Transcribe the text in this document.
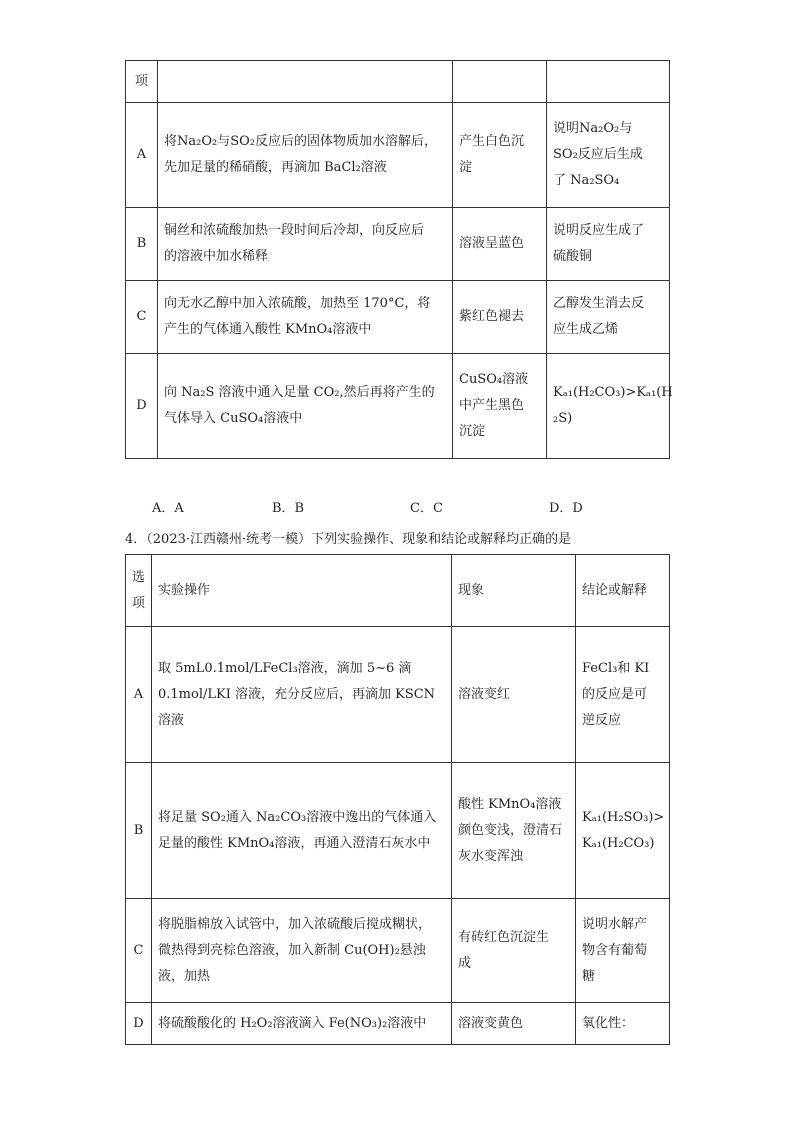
项			
A	将Na₂O₂与SO₂反应后的固体物质加水溶解后，
先加足量的稀硝酸，再滴加 BaCl₂溶液	产生白色沉
淀	说明Na₂O₂与
SO₂反应后生成
了 Na₂SO₄
B	铜丝和浓硫酸加热一段时间后冷却，向反应后
的溶液中加水稀释	溶液呈蓝色	说明反应生成了
硫酸铜
C	向无水乙醇中加入浓硫酸，加热至 170°C，将
产生的气体通入酸性 KMnO₄溶液中	紫红色褪去	乙醇发生消去反
应生成乙烯
D	向 Na₂S 溶液中通入足量 CO₂,然后再将产生的
气体导入 CuSO₄溶液中	CuSO₄溶液
中产生黑色
沉淀	Kₐ₁(H₂CO₃)>Kₐ₁(H
₂S)
A．A	B．B	C．C	D．D
4．（2023·江西赣州·统考一模）下列实验操作、现象和结论或解释均正确的是
选
项	实验操作	现象	结论或解释
A	取 5mL0.1mol/LFeCl₃溶液，滴加 5~6 滴
0.1mol/LKI 溶液，充分反应后，再滴加 KSCN
溶液	溶液变红	FeCl₃和 KI
的反应是可
逆反应
B	将足量 SO₂通入 Na₂CO₃溶液中逸出的气体通入
足量的酸性 KMnO₄溶液，再通入澄清石灰水中	酸性 KMnO₄溶液
颜色变浅，澄清石
灰水变浑浊	Kₐ₁(H₂SO₃)>
Kₐ₁(H₂CO₃)
C	将脱脂棉放入试管中，加入浓硫酸后搅成糊状，
微热得到亮棕色溶液，加入新制 Cu(OH)₂悬浊
液，加热	有砖红色沉淀生
成	说明水解产
物含有葡萄
糖
D	将硫酸酸化的 H₂O₂溶液滴入 Fe(NO₃)₂溶液中	溶液变黄色	氧化性：
